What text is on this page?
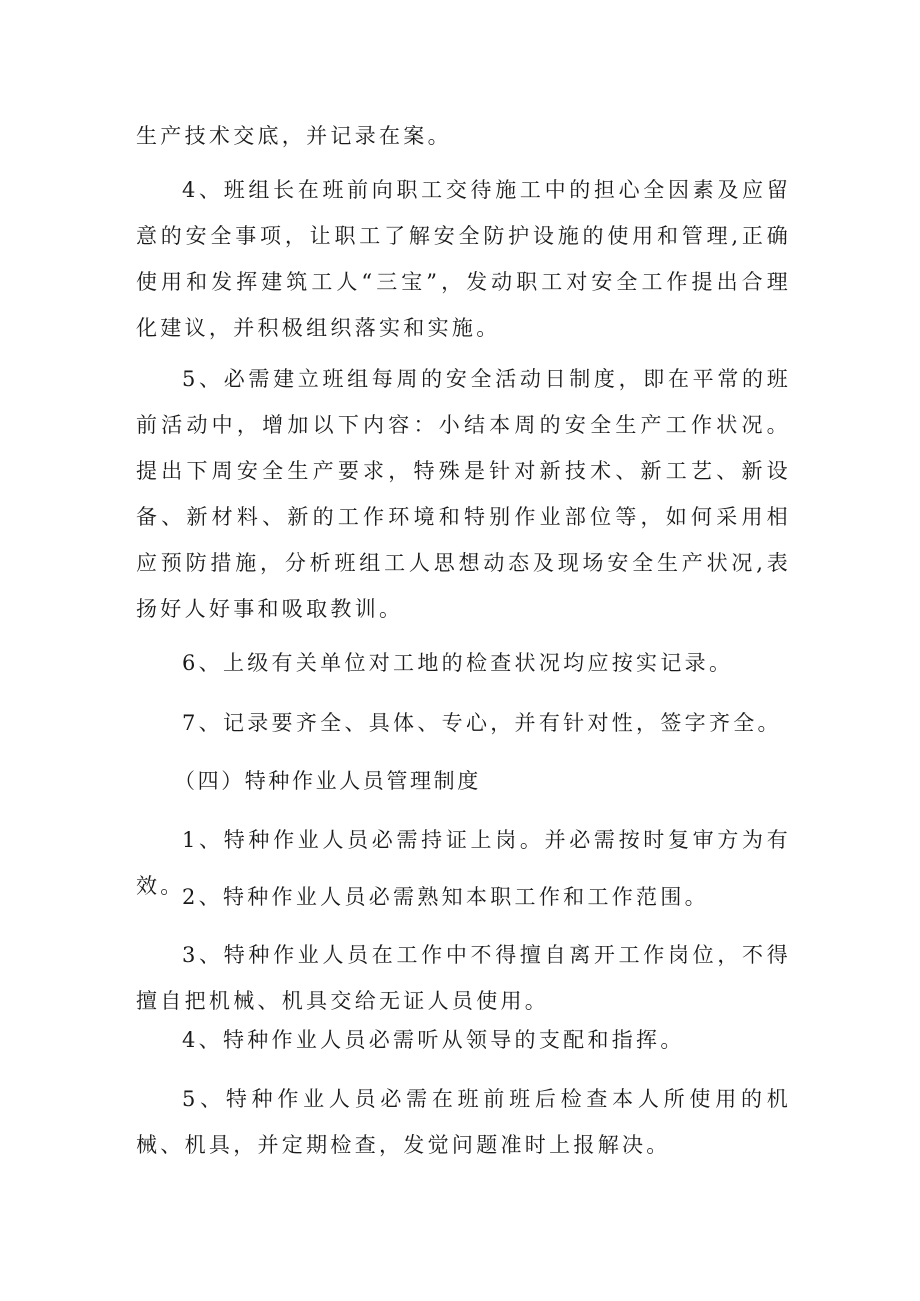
生产技术交底，并记录在案。

4、班组长在班前向职工交待施工中的担心全因素及应留意的安全事项，让职工了解安全防护设施的使用和管理,正确使用和发挥建筑工人“三宝”，发动职工对安全工作提出合理化建议，并积极组织落实和实施。

5、必需建立班组每周的安全活动日制度，即在平常的班前活动中，增加以下内容：小结本周的安全生产工作状况。提出下周安全生产要求，特殊是针对新技术、新工艺、新设备、新材料、新的工作环境和特别作业部位等，如何采用相应预防措施，分析班组工人思想动态及现场安全生产状况,表扬好人好事和吸取教训。

6、上级有关单位对工地的检查状况均应按实记录。

7、记录要齐全、具体、专心，并有针对性，签字齐全。

（四）特种作业人员管理制度

1、特种作业人员必需持证上岗。并必需按时复审方为有效。

2、特种作业人员必需熟知本职工作和工作范围。

3、特种作业人员在工作中不得擅自离开工作岗位，不得擅自把机械、机具交给无证人员使用。

4、特种作业人员必需听从领导的支配和指挥。

5、特种作业人员必需在班前班后检查本人所使用的机械、机具，并定期检查，发觉问题准时上报解决。
